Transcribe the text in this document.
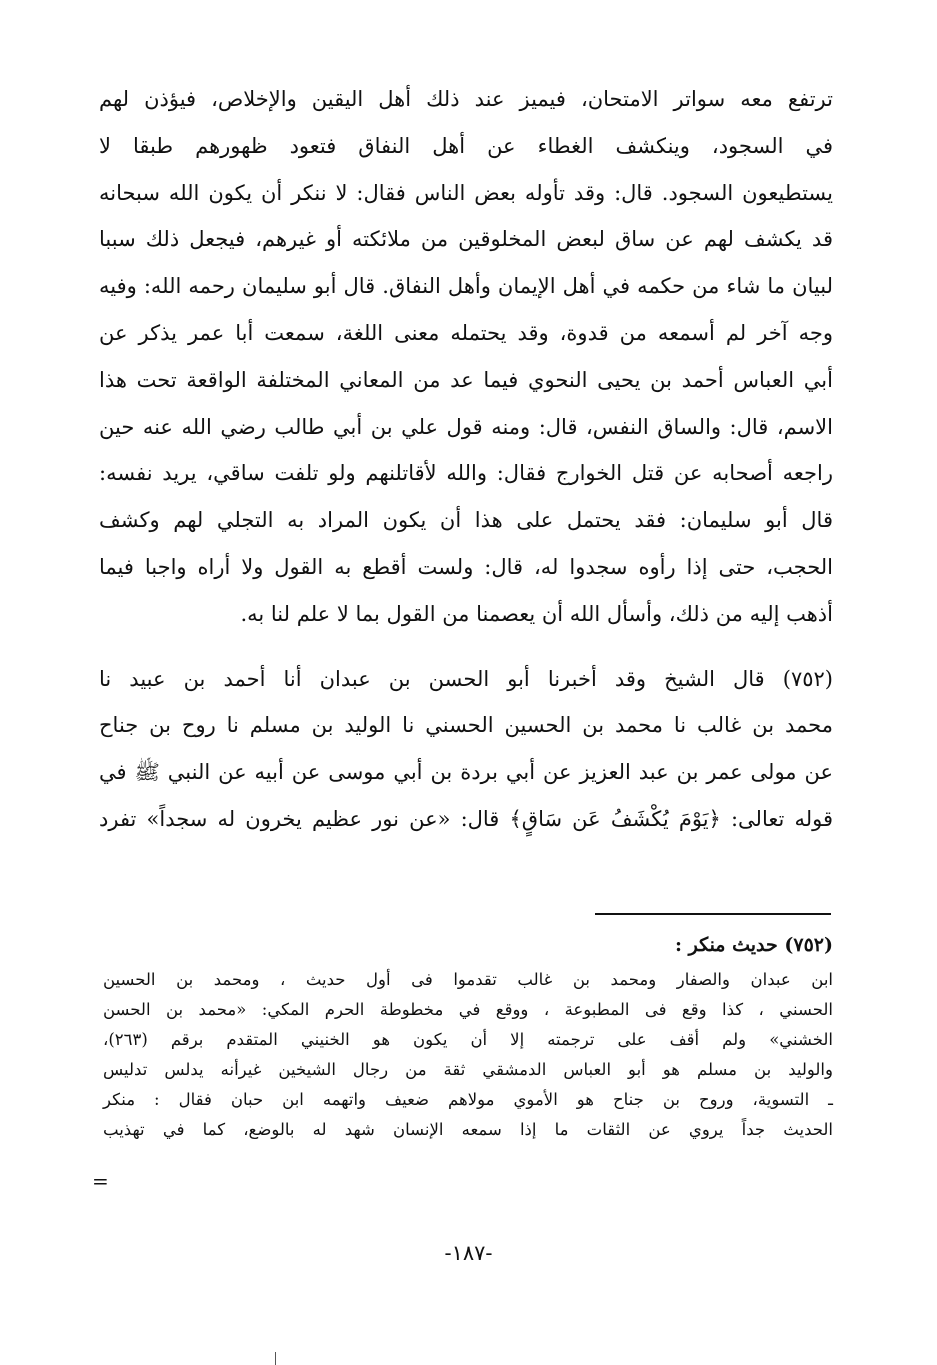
ترتفع معه سواتر الامتحان، فيميز عند ذلك أهل اليقين والإخلاص، فيؤذن لهم
في السجود، وينكشف الغطاء عن أهل النفاق فتعود ظهورهم طبقا لا
يستطيعون السجود. قال: وقد تأوله بعض الناس فقال: لا ننكر أن يكون الله سبحانه
قد يكشف لهم عن ساق لبعض المخلوقين من ملائكته أو غيرهم، فيجعل ذلك سببا
لبيان ما شاء من حكمه في أهل الإيمان وأهل النفاق. قال أبو سليمان رحمه الله: وفيه
وجه آخر لم أسمعه من قدوة، وقد يحتمله معنى اللغة، سمعت أبا عمر يذكر عن
أبي العباس أحمد بن يحيى النحوي فيما عد من المعاني المختلفة الواقعة تحت هذا
الاسم، قال: والساق النفس، قال: ومنه قول علي بن أبي طالب رضي الله عنه حين
راجعه أصحابه عن قتل الخوارج فقال: والله لأقاتلنهم ولو تلفت ساقي، يريد نفسه:
قال أبو سليمان: فقد يحتمل على هذا أن يكون المراد به التجلي لهم وكشف
الحجب، حتى إذا رأوه سجدوا له، قال: ولست أقطع به القول ولا أراه واجبا فيما
أذهب إليه من ذلك، وأسأل الله أن يعصمنا من القول بما لا علم لنا به.
(٧٥٢) قال الشيخ وقد أخبرنا أبو الحسن بن عبدان أنا أحمد بن عبيد نا
محمد بن غالب نا محمد بن الحسين الحسني نا الوليد بن مسلم نا روح بن جناح
عن مولى عمر بن عبد العزيز عن أبي بردة بن أبي موسى عن أبيه عن النبي ﷺ في
قوله تعالى: ﴿يَوْمَ يُكْشَفُ عَن سَاقٍ﴾ قال: «عن نور عظيم يخرون له سجداً» تفرد
(٧٥٢) حديث منكر :
ابن عبدان والصفار ومحمد بن غالب تقدموا فى أول حديث ، ومحمد بن الحسين
الحسني ، كذا وقع فى المطبوعة ، ووقع في مخطوطة الحرم المكي: «محمد بن الحسن
الخشني» ولم أقف على ترجمته إلا أن يكون هو الخنيني المتقدم برقم (٢٦٣)،
والوليد بن مسلم هو أبو العباس الدمشقي ثقة من رجال الشيخين غيرأنه يدلس تدليس
ـ التسوية، وروح بن جناح هو الأموي مولاهم ضعيف واتهمه ابن حبان فقال : منكر
الحديث جداً يروي عن الثقات ما إذا سمعه الإنسان شهد له بالوضع، كما في تهذيب
=
-١٨٧-
